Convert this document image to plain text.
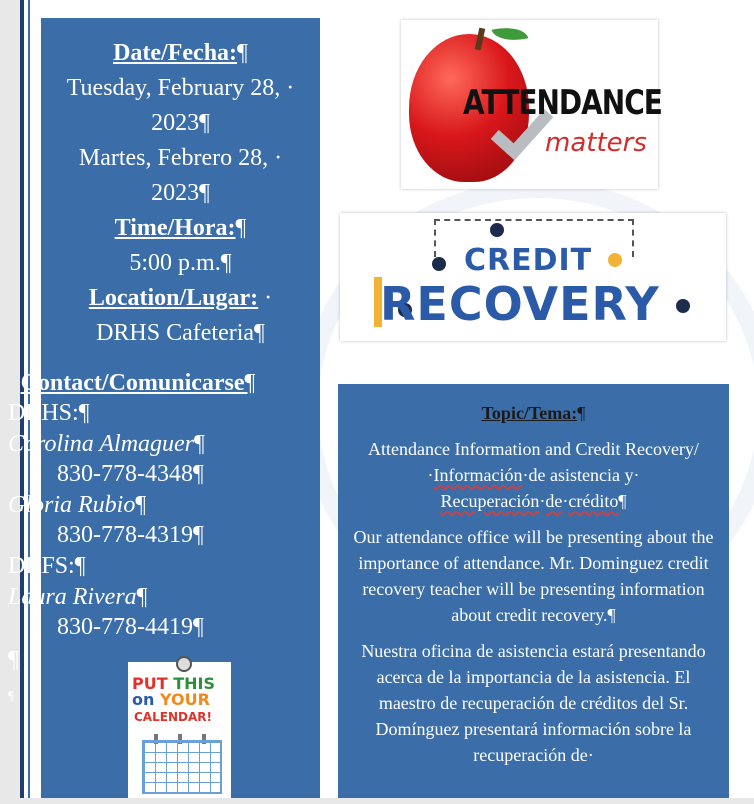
Date/Fecha:¶
Tuesday, February 28, ·
2023¶
Martes, Febrero 28, ·
2023¶
Time/Hora:¶
5:00 p.m.¶
Location/Lugar: ·
DRHS Cafeteria¶
Contact/Comunicarse¶
DRHS:¶
Carolina Almaguer¶
830-778-4348¶
Gloria Rubio¶
830-778-4319¶
DRFS:¶
Laura Rivera¶
830-778-4419¶
¶
¶
PUT THIS
on YOUR
CALENDAR!
ATTENDANCE
matters
CREDIT
RECOVERY
Topic/Tema:¶

Attendance Information and Credit Recovery/·Información·de asistencia y· Recuperación·de·crédito¶

Our attendance office will be presenting about the importance of attendance. Mr. Dominguez credit recovery teacher will be presenting information about credit recovery.¶

Nuestra oficina de asistencia estará presentando acerca de la importancia de la asistencia. El maestro de recuperación de créditos del Sr. Domínguez presentará información sobre la recuperación de·
